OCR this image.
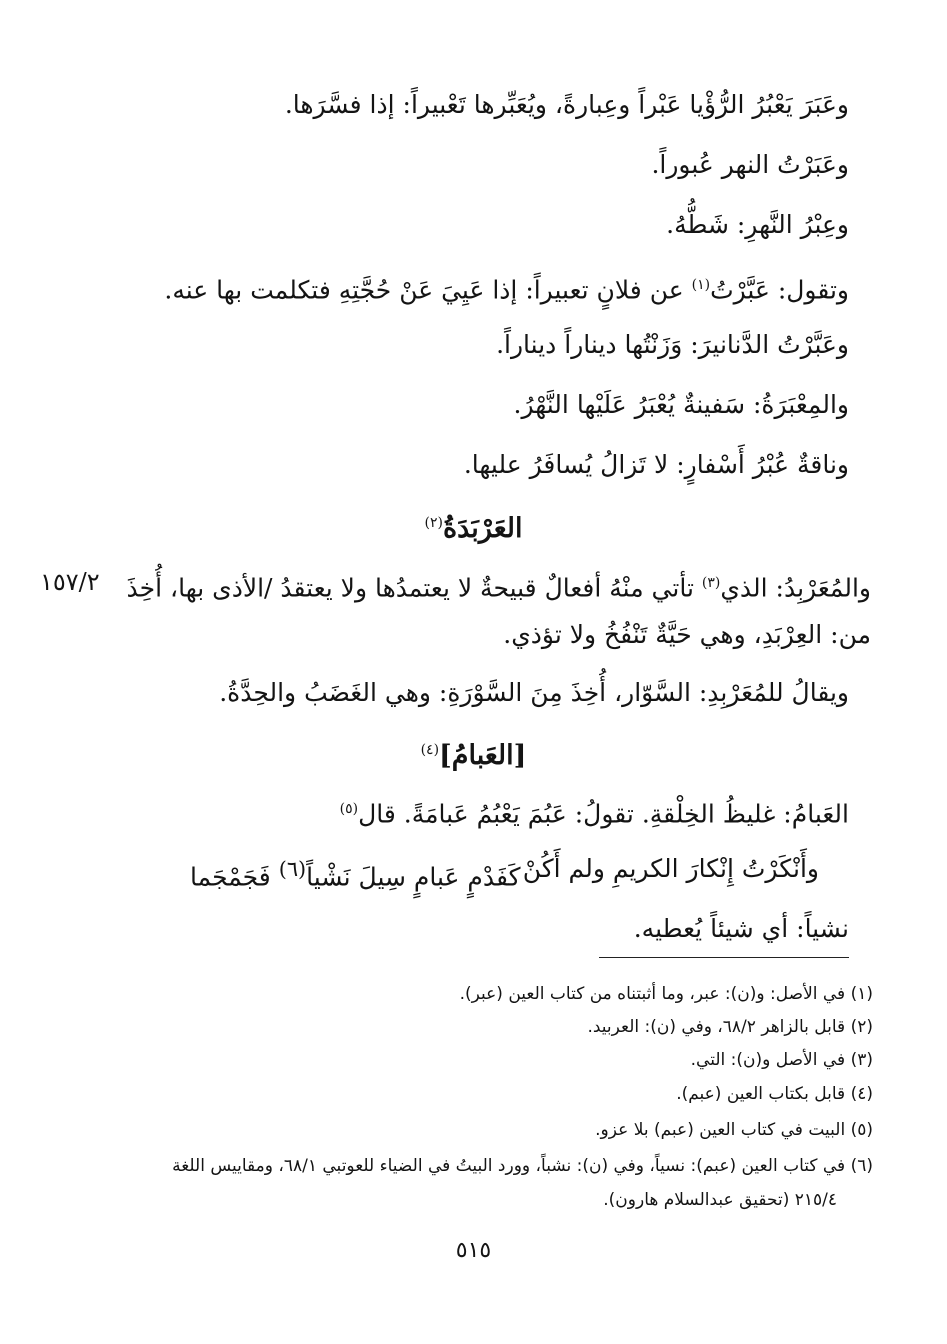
وعَبَرَ يَعْبُرُ الرُّؤْيا عَبْراً وعِبارةً، ويُعَبِّرها تَعْبيراً: إذا فسَّرَها.
وعَبَرْتُ النهر عُبوراً.
وعِبْرُ النَّهرِ: شَطُّهُ.
وتقول: عَبَّرْتُ$^{(١)}$ عن فلانٍ تعبيراً: إذا عَيِيَ عَنْ حُجَّتِهِ فتكلمت بها عنه.
وعَبَّرْتُ الدَّنانيرَ: وَزَنْتُها ديناراً ديناراً.
والمِعْبَرَةُ: سَفينةٌ يُعْبَرُ عَلَيْها النَّهْرُ.
وناقةٌ عُبْرُ أَسْفارٍ: لا تَزالُ يُسافَرُ عليها.
العَرْبَدَةُ$^{(٢)}$
والمُعَرْبِدُ: الذي$^{(٣)}$ تأتي منْهُ أفعالٌ قبيحةٌ لا يعتمدُها ولا يعتقدُ /الأذى بها، أُخِذَ
١٥٧/٢
من: العِرْبَدِ، وهي حَيَّةٌ تَنْفُخُ ولا تؤذي.
ويقالُ للمُعَرْبِدِ: السَّوّار، أُخِذَ مِنَ السَّوْرَةِ: وهي الغَضَبُ والحِدَّةُ.
[العَبامُ]$^{(٤)}$
العَبامُ: غليظُ الخِلْقةِ. تقولُ: عَبُمَ يَعْبُمُ عَبامَةً. قال$^{(٥)}$
وأَنْكَرْتُ إِنْكارَ الكريمِ ولم أَكُنْ
كَفَدْمٍ عَبامٍ سِيلَ نَشْياً$^{(٦)}$ فَجَمْجَما
نشياً: أي شيئاً يُعطيه.
(١) في الأصل: و(ن): عبر، وما أثبتناه من كتاب العين (عبر).
(٢) قابل بالزاهر ٦٨/٢، وفي (ن): العربيد.
(٣) في الأصل و(ن): التي.
(٤) قابل بكتاب العين (عبم).
(٥) البيت في كتاب العين (عبم) بلا عزو.
(٦) في كتاب العين (عبم): نسياً، وفي (ن): نشباً، وورد البيتُ في الضياء للعوتبي ٦٨/١، ومقاييس اللغة
٢١٥/٤ (تحقيق عبدالسلام هارون).
٥١٥
